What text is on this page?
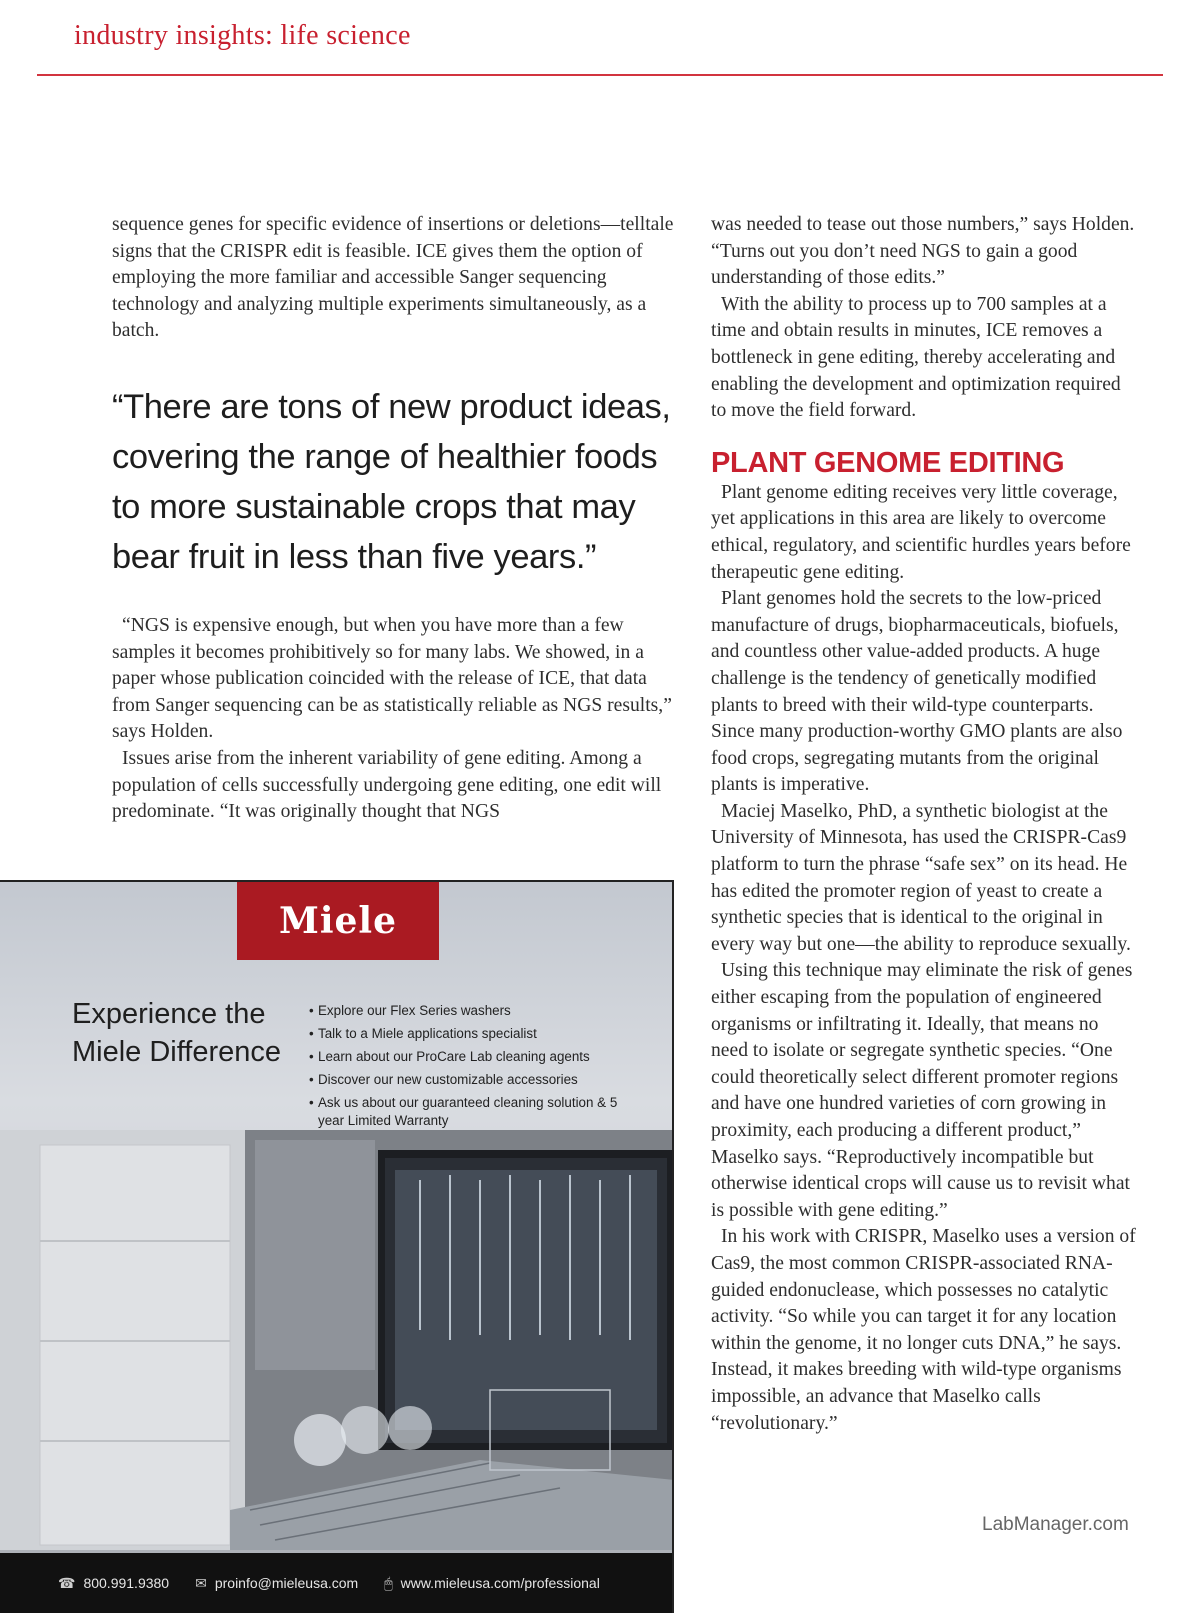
industry insights: life science

sequence genes for specific evidence of insertions or deletions—telltale signs that the CRISPR edit is feasible. ICE gives them the option of employing the more familiar and accessible Sanger sequencing technology and analyzing multiple experiments simultaneously, as a batch.

“There are tons of new product ideas, covering the range of healthier foods to more sustainable crops that may bear fruit in less than five years.”

“NGS is expensive enough, but when you have more than a few samples it becomes prohibitively so for many labs. We showed, in a paper whose publication coincided with the release of ICE, that data from Sanger sequencing can be as statistically reliable as NGS results,” says Holden.

Issues arise from the inherent variability of gene editing. Among a population of cells successfully undergoing gene editing, one edit will predominate. “It was originally thought that NGS

was needed to tease out those numbers,” says Holden. “Turns out you don’t need NGS to gain a good understanding of those edits.”

With the ability to process up to 700 samples at a time and obtain results in minutes, ICE removes a bottleneck in gene editing, thereby accelerating and enabling the development and optimization required to move the field forward.

PLANT GENOME EDITING

Plant genome editing receives very little coverage, yet applications in this area are likely to overcome ethical, regulatory, and scientific hurdles years before therapeutic gene editing.

Plant genomes hold the secrets to the low-priced manufacture of drugs, biopharmaceuticals, biofuels, and countless other value-added products. A huge challenge is the tendency of genetically modified plants to breed with their wild-type counterparts. Since many production-worthy GMO plants are also food crops, segregating mutants from the original plants is imperative.

Maciej Maselko, PhD, a synthetic biologist at the University of Minnesota, has used the CRISPR-Cas9 platform to turn the phrase “safe sex” on its head. He has edited the promoter region of yeast to create a synthetic species that is identical to the original in every way but one—the ability to reproduce sexually.

Using this technique may eliminate the risk of genes either escaping from the population of engineered organisms or infiltrating it. Ideally, that means no need to isolate or segregate synthetic species. “One could theoretically select different promoter regions and have one hundred varieties of corn growing in proximity, each producing a different product,” Maselko says. “Reproductively incompatible but otherwise identical crops will cause us to revisit what is possible with gene editing.”

In his work with CRISPR, Maselko uses a version of Cas9, the most common CRISPR-associated RNA-guided endonuclease, which possesses no catalytic activity. “So while you can target it for any location within the genome, it no longer cuts DNA,” he says. Instead, it makes breeding with wild-type organisms impossible, an advance that Maselko calls “revolutionary.”

Miele
Experience the Miele Difference
• Explore our Flex Series washers
• Talk to a Miele applications specialist
• Learn about our ProCare Lab cleaning agents
• Discover our new customizable accessories
• Ask us about our guaranteed cleaning solution & 5 year Limited Warranty
☎ 800.991.9380 ✉ proinfo@mieleusa.com 🖱 www.mieleusa.com/professional
LabManager.com
